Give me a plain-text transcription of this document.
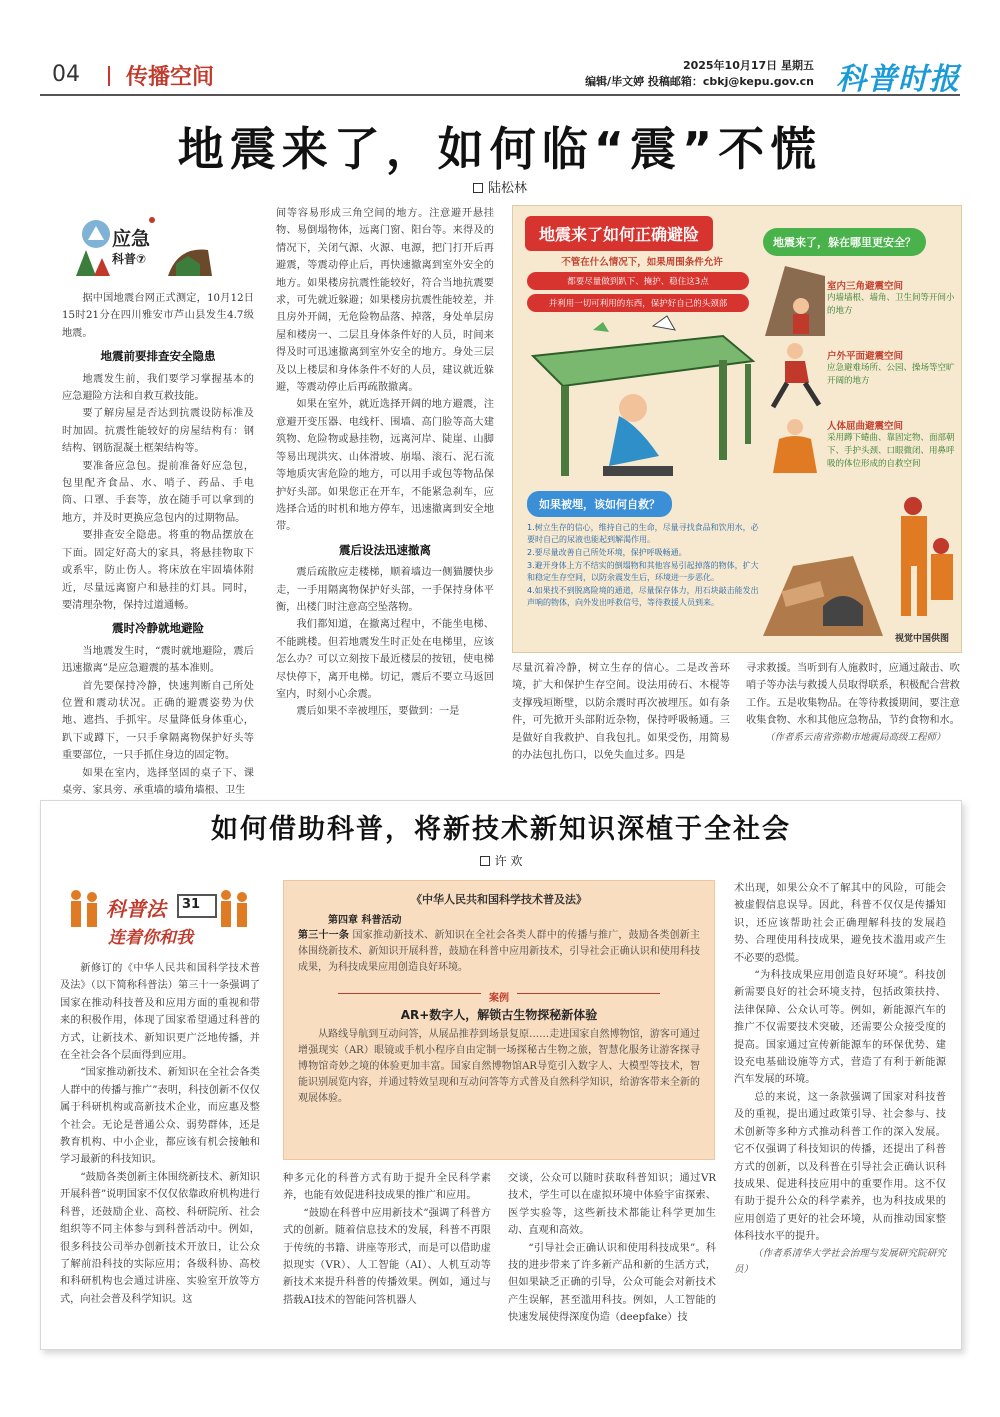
04 传播空间	2025年10月17日 星期五
编辑/毕文婷 投稿邮箱：cbkj@kepu.gov.cn 科普时报
地震来了，如何临“震”不慌
陆松林
应急
科普⑦

据中国地震台网正式测定，10月12日15时21分在四川雅安市芦山县发生4.7级地震。

地震前要排查安全隐患

地震发生前，我们要学习掌握基本的应急避险方法和自救互救技能。

要了解房屋是否达到抗震设防标准及时加固。抗震性能较好的房屋结构有：钢结构、钢筋混凝土框架结构等。

要准备应急包。提前准备好应急包，包里配齐食品、水、哨子、药品、手电筒、口罩、手套等，放在随手可以拿到的地方，并及时更换应急包内的过期物品。

要排查安全隐患。将重的物品摆放在下面。固定好高大的家具，将悬挂物取下或系牢，防止伤人。将床放在牢固墙体附近，尽量远离窗户和悬挂的灯具。同时，要清理杂物，保持过道通畅。

震时冷静就地避险

当地震发生时，“震时就地避险，震后迅速撤离”是应急避震的基本准则。

首先要保持冷静，快速判断自己所处位置和震动状况。正确的避震姿势为伏地、遮挡、手抓牢。尽量降低身体重心，趴下或蹲下，一只手拿隔离物保护好头等重要部位，一只手抓住身边的固定物。

如果在室内，选择坚固的桌子下、课桌旁、家具旁、承重墙的墙角墙根、卫生

间等容易形成三角空间的地方。注意避开悬挂物、易倒塌物体，远离门窗、阳台等。来得及的情况下，关闭气源、火源、电源，把门打开后再避震，等震动停止后，再快速撤离到室外安全的地方。如果楼房抗震性能较好，符合当地抗震要求，可先就近躲避；如果楼房抗震性能较差，并且房外开阔，无危险物品落、掉落，身处单层房屋和楼房一、二层且身体条件好的人员，时间来得及时可迅速撤离到室外安全的地方。身处三层及以上楼层和身体条件不好的人员，建议就近躲避，等震动停止后再疏散撤离。

如果在室外，就近选择开阔的地方避震，注意避开变压器、电线杆、围墙、高门脸等高大建筑物、危险物或悬挂物，远离河岸、陡崖、山脚等易出现洪灾、山体滑坡、崩塌、滚石、泥石流等地质灾害危险的地方，可以用手或包等物品保护好头部。如果您正在开车，不能紧急刹车，应选择合适的时机和地方停车，迅速撤离到安全地带。

震后设法迅速撤离

震后疏散应走楼梯，顺着墙边一侧猫腰快步走，一手用隔离物保护好头部，一手保持身体平衡，出楼门时注意高空坠落物。

我们都知道，在撤离过程中，不能坐电梯、不能跳楼。但若地震发生时正处在电梯里，应该怎么办？可以立刻按下最近楼层的按钮，使电梯尽快停下，离开电梯。切记，震后不要立马返回室内，时刻小心余震。

震后如果不幸被埋压，要做到：一是

地震来了如何正确避险
不管在什么情况下，如果周围条件允许
都要尽量做到趴下、掩护、稳住这3点
并利用一切可利用的东西，保护好自己的头颈部
地震来了，躲在哪里更安全？
室内三角避震空间
内墙墙根、墙角、卫生间等开间小的地方
户外平面避震空间
应急避难场所、公园、操场等空旷开阔的地方
人体屈曲避震空间
采用蹲下蜷曲、靠固定物、面部朝下、手护头颈、口眼微闭、用鼻呼吸的体位形成的自救空间
如果被埋，该如何自救？
1.树立生存的信心，维持自己的生命，尽量寻找食品和饮用水，必要时自己的尿液也能起到解渴作用。
2.要尽量改善自己所处环境，保护呼吸畅通。
3.避开身体上方不结实的倒塌物和其他容易引起掉落的物体，扩大和稳定生存空间，以防余震发生后，环境进一步恶化。
4.如果找不到脱离险境的通道，尽量保存体力，用石块敲击能发出声响的物体，向外发出呼救信号，等待救援人员到来。
视觉中国供图

尽量沉着冷静，树立生存的信心。二是改善环境，扩大和保护生存空间。设法用砖石、木棍等支撑残垣断壁，以防余震时再次被埋压。如有条件，可先掀开头部附近杂物，保持呼吸畅通。三是做好自我救护、自我包扎。如果受伤，用简易的办法包扎伤口，以免失血过多。四是

寻求救援。当听到有人施救时，应通过敲击、吹哨子等办法与救援人员取得联系，积极配合营救工作。五是收集物品。在等待救援期间，要注意收集食物、水和其他应急物品，节约食物和水。

（作者系云南省弥勒市地震局高级工程师）
如何借助科普，将新技术新知识深植于全社会
许 欢
科普法 31
连着你和我

新修订的《中华人民共和国科学技术普及法》（以下简称科普法）第三十一条强调了国家在推动科技普及和应用方面的重视和带来的积极作用，体现了国家希望通过科普的方式，让新技术、新知识更广泛地传播，并在全社会各个层面得到应用。

“国家推动新技术、新知识在全社会各类人群中的传播与推广”表明，科技创新不仅仅属于科研机构或高新技术企业，而应惠及整个社会。无论是普通公众、弱势群体，还是教育机构、中小企业，都应该有机会接触和学习最新的科技知识。

“鼓励各类创新主体围绕新技术、新知识开展科普”说明国家不仅仅依靠政府机构进行科普，还鼓励企业、高校、科研院所、社会组织等不同主体参与到科普活动中。例如，很多科技公司举办创新技术开放日，让公众了解前沿科技的实际应用；各级科协、高校和科研机构也会通过讲座、实验室开放等方式，向社会普及科学知识。这

《中华人民共和国科学技术普及法》
第四章 科普活动
第三十一条 国家推动新技术、新知识在全社会各类人群中的传播与推广，鼓励各类创新主体围绕新技术、新知识开展科普，鼓励在科普中应用新技术，引导社会正确认识和使用科技成果，为科技成果应用创造良好环境。
案例
AR+数字人，解锁古生物探秘新体验
从路线导航到互动问答，从展品推荐到场景复原……走进国家自然博物馆，游客可通过增强现实（AR）眼镜或手机小程序自由定制一场探秘古生物之旅，智慧化服务让游客探寻博物馆奇妙之境的体验更加丰富。国家自然博物馆AR导览引入数字人、大模型等技术，智能识别展览内容，并通过特效呈现和互动问答等方式普及自然科学知识，给游客带来全新的观展体验。

种多元化的科普方式有助于提升全民科学素养，也能有效促进科技成果的推广和应用。

“鼓励在科普中应用新技术”强调了科普方式的创新。随着信息技术的发展，科普不再限于传统的书籍、讲座等形式，而是可以借助虚拟现实（VR）、人工智能（AI）、人机互动等新技术来提升科普的传播效果。例如，通过与搭载AI技术的智能问答机器人

交谈，公众可以随时获取科普知识；通过VR技术，学生可以在虚拟环境中体验宇宙探索、医学实验等，这些新技术都能让科学更加生动、直观和高效。

“引导社会正确认识和使用科技成果”。科技的进步带来了许多新产品和新的生活方式，但如果缺乏正确的引导，公众可能会对新技术产生误解，甚至滥用科技。例如，人工智能的快速发展使得深度伪造（deepfake）技

术出现，如果公众不了解其中的风险，可能会被虚假信息误导。因此，科普不仅仅是传播知识，还应该帮助社会正确理解科技的发展趋势、合理使用科技成果，避免技术滥用或产生不必要的恐慌。

“为科技成果应用创造良好环境”。科技创新需要良好的社会环境支持，包括政策扶持、法律保障、公众认可等。例如，新能源汽车的推广不仅需要技术突破，还需要公众接受度的提高。国家通过宣传新能源车的环保优势、建设充电基础设施等方式，营造了有利于新能源汽车发展的环境。

总的来说，这一条款强调了国家对科技普及的重视，提出通过政策引导、社会参与、技术创新等多种方式推动科普工作的深入发展。它不仅强调了科技知识的传播，还提出了科普方式的创新，以及科普在引导社会正确认识科技成果、促进科技应用中的重要作用。这不仅有助于提升公众的科学素养，也为科技成果的应用创造了更好的社会环境，从而推动国家整体科技水平的提升。

（作者系清华大学社会治理与发展研究院研究员）
